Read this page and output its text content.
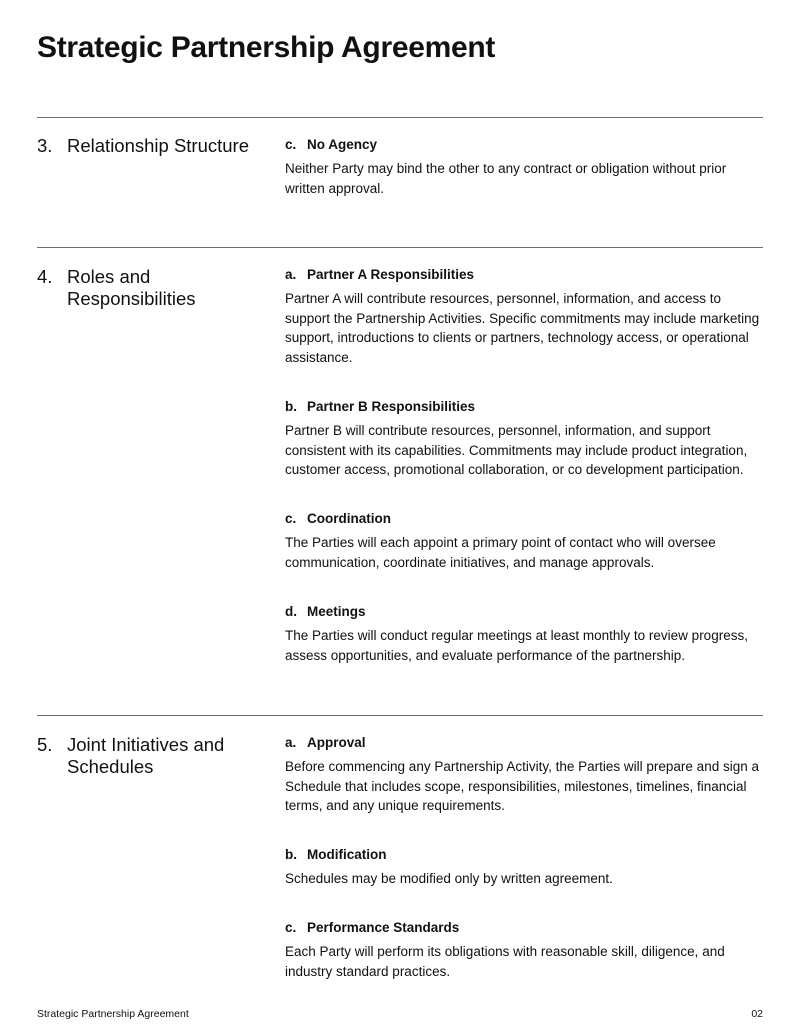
Strategic Partnership Agreement
3. Relationship Structure	c. No Agency

Neither Party may bind the other to any contract or obligation without prior written approval.

4. Roles and Responsibilities
a. Partner A Responsibilities

Partner A will contribute resources, personnel, information, and access to support the Partnership Activities. Specific commitments may include marketing support, introductions to clients or partners, technology access, or operational assistance.

b. Partner B Responsibilities

Partner B will contribute resources, personnel, information, and support consistent with its capabilities. Commitments may include product integration, customer access, promotional collaboration, or co development participation.

c. Coordination

The Parties will each appoint a primary point of contact who will oversee communication, coordinate initiatives, and manage approvals.

d. Meetings

The Parties will conduct regular meetings at least monthly to review progress, assess opportunities, and evaluate performance of the partnership.

5. Joint Initiatives and Schedules
a. Approval

Before commencing any Partnership Activity, the Parties will prepare and sign a Schedule that includes scope, responsibilities, milestones, timelines, financial terms, and any unique requirements.

b. Modification

Schedules may be modified only by written agreement.

c. Performance Standards

Each Party will perform its obligations with reasonable skill, diligence, and industry standard practices.

Strategic Partnership Agreement	02
